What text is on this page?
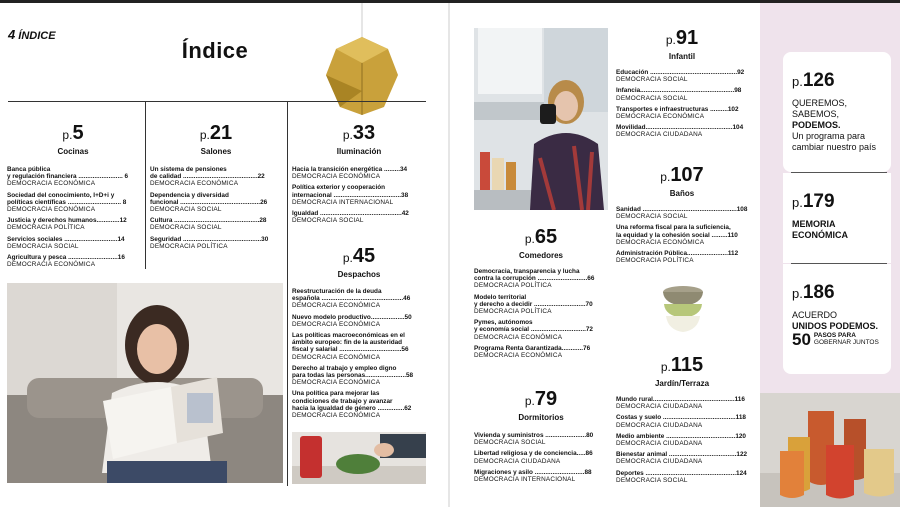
4 ÍNDICE
Índice
p.5
Cocinas
Banca pública
y regulación financiera ......................... 6
DEMOCRACIA ECONÓMICA
Sociedad del conocimiento, I+D+i y
políticas científicas .............................. 8
DEMOCRACIA ECONÓMICA
Justicia y derechos humanos.............12
DEMOCRACIA POLÍTICA
Servicios sociales ..............................14
DEMOCRACIA SOCIAL
Agricultura y pesca ............................16
DEMOCRACIA ECONÓMICA
p.21
Salones
Un sistema de pensiones
de calidad ..........................................22
DEMOCRACIA ECONÓMICA
Dependencia y diversidad
funcional .............................................26
DEMOCRACIA SOCIAL
Cultura ................................................28
DEMOCRACIA SOCIAL
Seguridad ............................................30
DEMOCRACIA POLÍTICA
p.33
Iluminación
Hacia la transición energética .........34
DEMOCRACIA ECONÓMICA
Política exterior y cooperación
internacional ......................................38
DEMOCRACIA INTERNACIONAL
Igualdad ..............................................42
DEMOCRACIA SOCIAL
p.45
Despachos
Reestructuración de la deuda
española ..............................................46
DEMOCRACIA ECONÓMICA
Nuevo modelo productivo...................50
DEMOCRACIA ECONÓMICA
Las políticas macroeconómicas en el
ámbito europeo: fin de la austeridad
fiscal y salarial ...................................56
DEMOCRACIA ECONÓMICA
Derecho al trabajo y empleo digno
para todas las personas.......................58
DEMOCRACIA ECONÓMICA
Una política para mejorar las
condiciones de trabajo y avanzar
hacia la igualdad de género ...............62
DEMOCRACIA ECONÓMICA
p.65
Comedores
Democracia, transparencia y lucha
contra la corrupción ............................66
DEMOCRACIA POLÍTICA
Modelo territorial
y derecho a decidir .............................70
DEMOCRACIA POLÍTICA
Pymes, autónomos
y economía social ...............................72
DEMOCRACIA ECONÓMICA
Programa Renta Garantizada............76
DEMOCRACIA ECONÓMICA
p.79
Dormitorios
Vivienda y suministros .......................80
DEMOCRACIA SOCIAL
Libertad religiosa y de conciencia.....86
DEMOCRACIA CIUDADANA
Migraciones y asilo ............................88
DEMOCRACIA INTERNACIONAL
p.91
Infantil
Educación .................................................92
DEMOCRACIA SOCIAL
Infancia.....................................................98
DEMOCRACIA SOCIAL
Transportes e infraestructuras ..........102
DEMOCRACIA ECONÓMICA
Movilidad.................................................104
DEMOCRACIA CIUDADANA
p.107
Baños
Sanidad .....................................................108
DEMOCRACIA SOCIAL
Una reforma fiscal para la suficiencia,
la equidad y la cohesión social .........110
DEMOCRACIA ECONÓMICA
Administración Pública.......................112
DEMOCRACIA POLÍTICA
p.115
Jardín/Terraza
Mundo rural..............................................116
DEMOCRACIA CIUDADANA
Costas y suelo .........................................118
DEMOCRACIA CIUDADANA
Medio ambiente .......................................120
DEMOCRACIA CIUDADANA
Bienestar animal ......................................122
DEMOCRACIA CIUDADANA
Deportes ...................................................124
DEMOCRACIA SOCIAL
p.126
QUEREMOS,
SABEMOS,
PODEMOS.
Un programa para
cambiar nuestro país
p.179
MEMORIA
ECONÓMICA
p.186
ACUERDO
UNIDOS PODEMOS.
50 PASOS PARA
GOBERNAR JUNTOS
